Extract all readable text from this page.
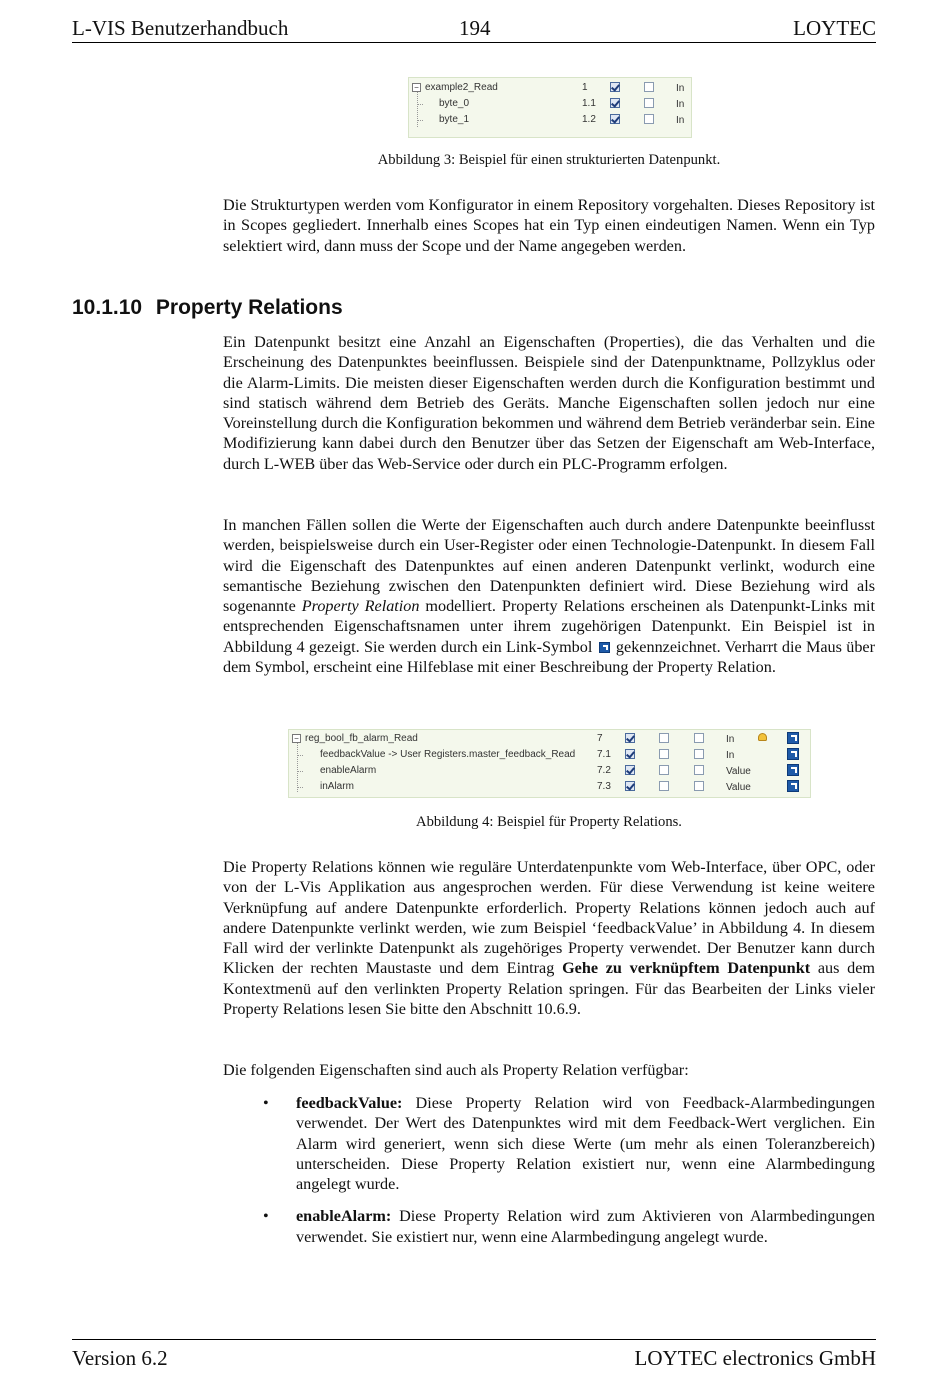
L-VIS Benutzerhandbuch	194	LOYTEC
− example2_Read	1	In
byte_0	1.1	In
byte_1	1.2	In
Abbildung 3: Beispiel für einen strukturierten Datenpunkt.
Die Strukturtypen werden vom Konfigurator in einem Repository vorgehalten. Dieses Repository ist in Scopes gegliedert. Innerhalb eines Scopes hat ein Typ einen eindeutigen Namen. Wenn ein Typ selektiert wird, dann muss der Scope und der Name angegeben werden.
10.1.10 Property Relations
Ein Datenpunkt besitzt eine Anzahl an Eigenschaften (Properties), die das Verhalten und die Erscheinung des Datenpunktes beeinflussen. Beispiele sind der Datenpunktname, Pollzyklus oder die Alarm-Limits. Die meisten dieser Eigenschaften werden durch die Konfiguration bestimmt und sind statisch während dem Betrieb des Geräts. Manche Eigenschaften sollen jedoch nur eine Voreinstellung durch die Konfiguration bekommen und während dem Betrieb veränderbar sein. Eine Modifizierung kann dabei durch den Benutzer über das Setzen der Eigenschaft am Web-Interface, durch L-WEB über das Web-Service oder durch ein PLC-Programm erfolgen.
In manchen Fällen sollen die Werte der Eigenschaften auch durch andere Datenpunkte beeinflusst werden, beispielsweise durch ein User-Register oder einen Technologie-Datenpunkt. In diesem Fall wird die Eigenschaft des Datenpunktes auf einen anderen Datenpunkt verlinkt, wodurch eine semantische Beziehung zwischen den Datenpunkten definiert wird. Diese Beziehung wird als sogenannte Property Relation modelliert. Property Relations erscheinen als Datenpunkt-Links mit entsprechenden Eigenschaftsnamen unter ihrem zugehörigen Datenpunkt. Ein Beispiel ist in Abbildung 4 gezeigt. Sie werden durch ein Link-Symbol gekennzeichnet. Verharrt die Maus über dem Symbol, erscheint eine Hilfeblase mit einer Beschreibung der Property Relation.
− reg_bool_fb_alarm_Read	7	In
feedbackValue -> User Registers.master_feedback_Read 7.1	In
enableAlarm	7.2	Value
inAlarm	7.3	Value
Abbildung 4: Beispiel für Property Relations.
Die Property Relations können wie reguläre Unterdatenpunkte vom Web-Interface, über OPC, oder von der L-Vis Applikation aus angesprochen werden. Für diese Verwendung ist keine weitere Verknüpfung auf andere Datenpunkte erforderlich. Property Relations können jedoch auch auf andere Datenpunkte verlinkt werden, wie zum Beispiel ‘feedbackValue’ in Abbildung 4. In diesem Fall wird der verlinkte Datenpunkt als zugehöriges Property verwendet. Der Benutzer kann durch Klicken der rechten Maustaste und dem Eintrag Gehe zu verknüpftem Datenpunkt aus dem Kontextmenü auf den verlinkten Property Relation springen. Für das Bearbeiten der Links vieler Property Relations lesen Sie bitte den Abschnitt 10.6.9.
Die folgenden Eigenschaften sind auch als Property Relation verfügbar:
• feedbackValue: Diese Property Relation wird von Feedback-Alarmbedingungen verwendet. Der Wert des Datenpunktes wird mit dem Feedback-Wert verglichen. Ein Alarm wird generiert, wenn sich diese Werte (um mehr als einen Toleranzbereich) unterscheiden. Diese Property Relation existiert nur, wenn eine Alarmbedingung angelegt wurde.
• enableAlarm: Diese Property Relation wird zum Aktivieren von Alarmbedingungen verwendet. Sie existiert nur, wenn eine Alarmbedingung angelegt wurde.
Version 6.2	LOYTEC electronics GmbH
